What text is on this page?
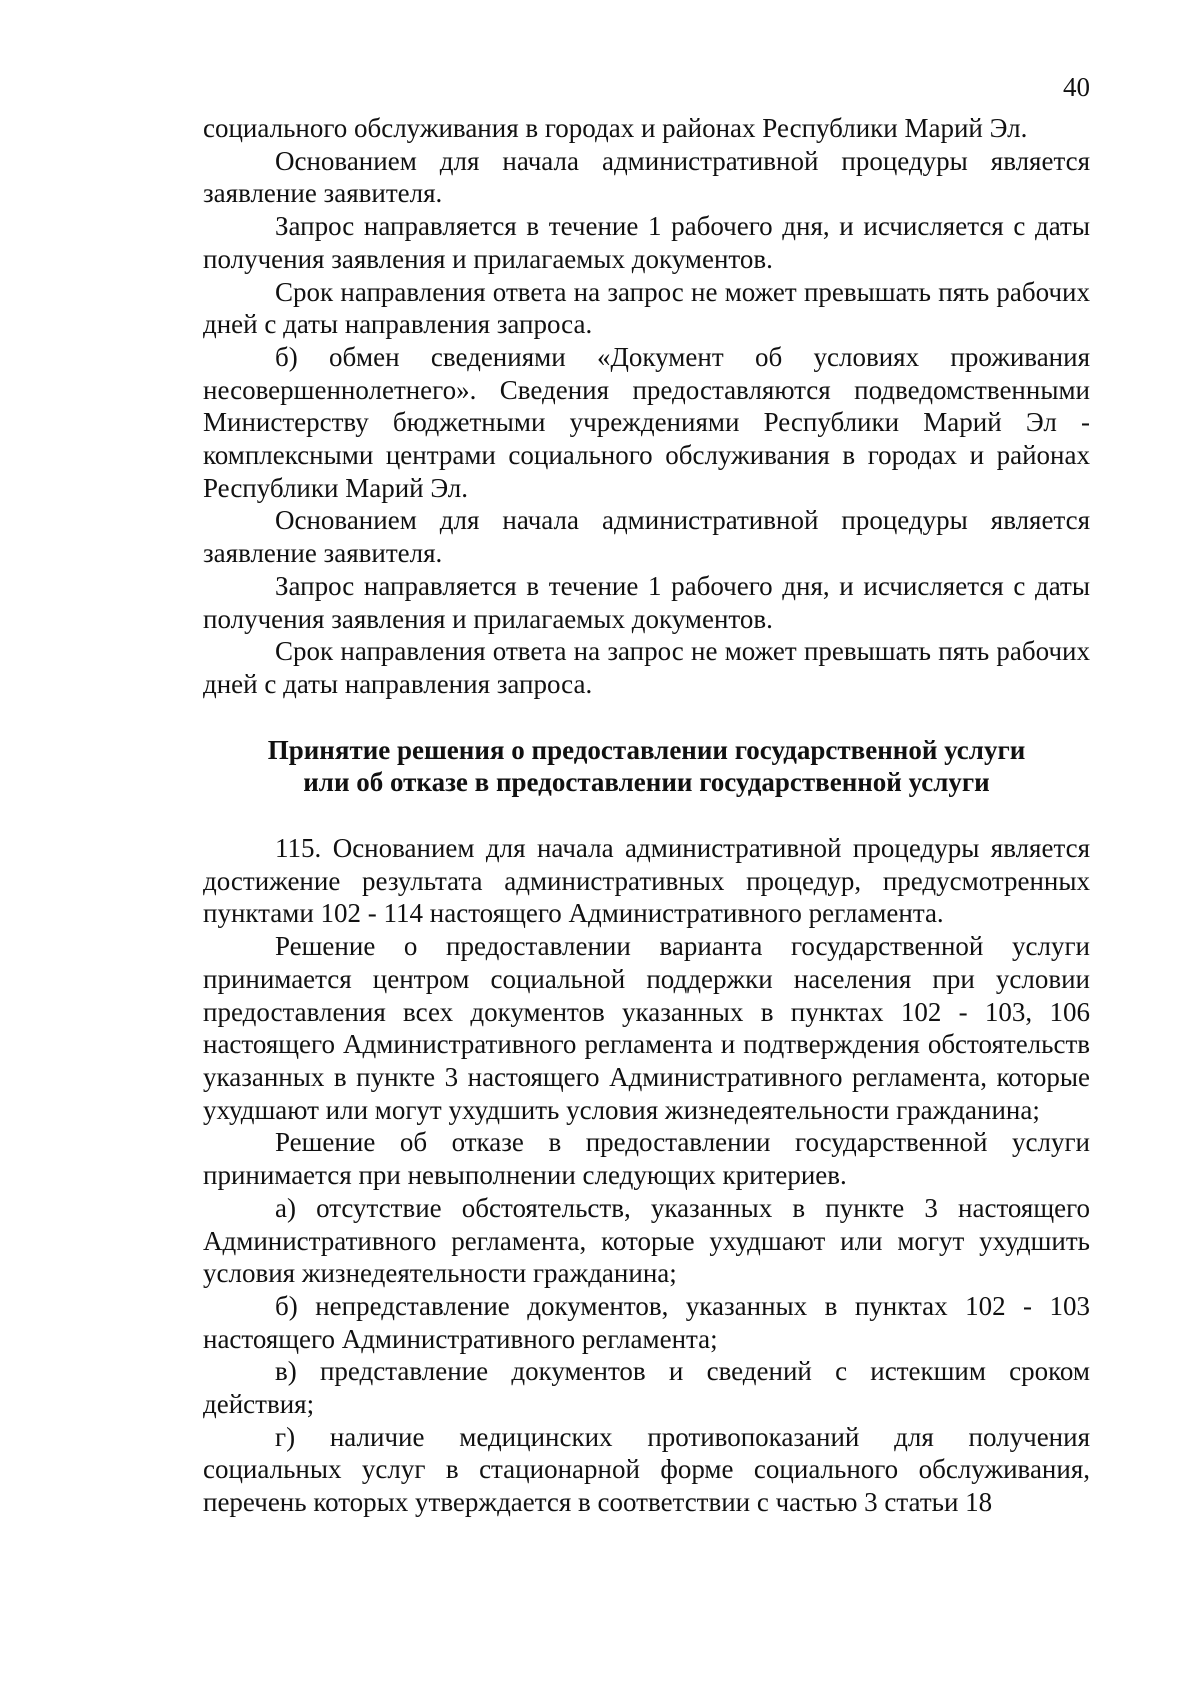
40

социального обслуживания в городах и районах Республики Марий Эл.

Основанием для начала административной процедуры является заявление заявителя.

Запрос направляется в течение 1 рабочего дня, и исчисляется с даты получения заявления и прилагаемых документов.

Срок направления ответа на запрос не может превышать пять рабочих дней с даты направления запроса.

б) обмен сведениями «Документ об условиях проживания несовершеннолетнего». Сведения предоставляются подведомственными Министерству бюджетными учреждениями Республики Марий Эл - комплексными центрами социального обслуживания в городах и районах Республики Марий Эл.

Основанием для начала административной процедуры является заявление заявителя.

Запрос направляется в течение 1 рабочего дня, и исчисляется с даты получения заявления и прилагаемых документов.

Срок направления ответа на запрос не может превышать пять рабочих дней с даты направления запроса.

Принятие решения о предоставлении государственной услуги
или об отказе в предоставлении государственной услуги

115. Основанием для начала административной процедуры является достижение результата административных процедур, предусмотренных пунктами 102 - 114 настоящего Административного регламента.

Решение о предоставлении варианта государственной услуги принимается центром социальной поддержки населения при условии предоставления всех документов указанных в пунктах 102 - 103, 106 настоящего Административного регламента и подтверждения обстоятельств указанных в пункте 3 настоящего Административного регламента, которые ухудшают или могут ухудшить условия жизнедеятельности гражданина;

Решение об отказе в предоставлении государственной услуги принимается при невыполнении следующих критериев.

а) отсутствие обстоятельств, указанных в пункте 3 настоящего Административного регламента, которые ухудшают или могут ухудшить условия жизнедеятельности гражданина;

б) непредставление документов, указанных в пунктах 102 - 103 настоящего Административного регламента;

в) представление документов и сведений с истекшим сроком действия;

г) наличие медицинских противопоказаний для получения социальных услуг в стационарной форме социального обслуживания, перечень которых утверждается в соответствии с частью 3 статьи 18
